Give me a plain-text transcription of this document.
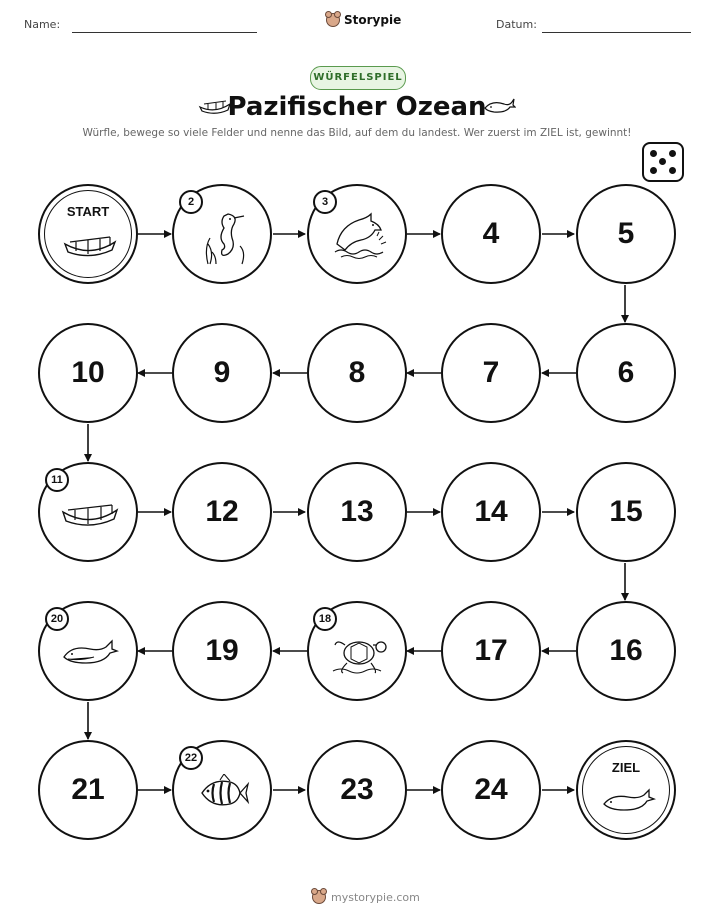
Name:	Storypie	Datum:
WÜRFELSPIEL
Pazifischer Ozean
Würfle, bewege so viele Felder und nenne das Bild, auf dem du landest. Wer zuerst im ZIEL ist, gewinnt!
START
2	3
4	5
10	9	8	7	6
11
12	13	14	15
20
19
18
17	16
21
22
23	24
ZIEL
mystorypie.com
